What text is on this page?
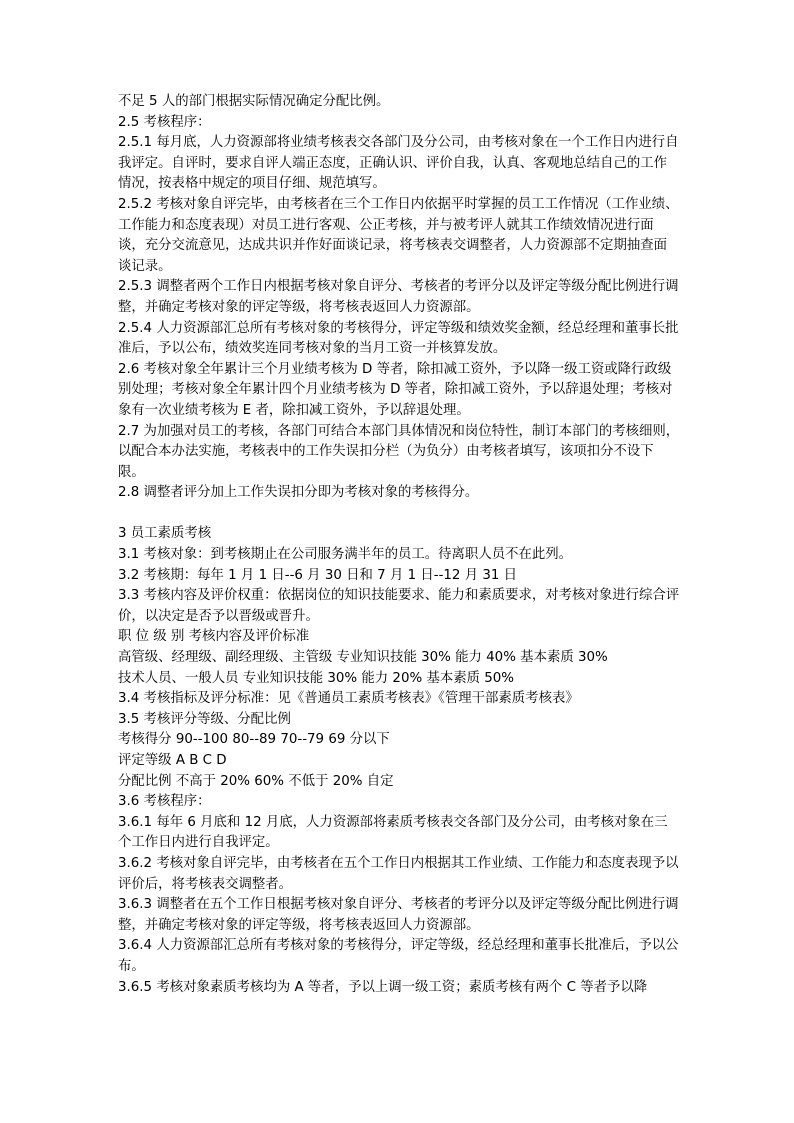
不足 5 人的部门根据实际情况确定分配比例。

2.5 考核程序：

2.5.1 每月底，人力资源部将业绩考核表交各部门及分公司，由考核对象在一个工作日内进行自我评定。自评时，要求自评人端正态度，正确认识、评价自我，认真、客观地总结自己的工作情况，按表格中规定的项目仔细、规范填写。

2.5.2 考核对象自评完毕，由考核者在三个工作日内依据平时掌握的员工工作情况（工作业绩、工作能力和态度表现）对员工进行客观、公正考核，并与被考评人就其工作绩效情况进行面谈，充分交流意见，达成共识并作好面谈记录，将考核表交调整者，人力资源部不定期抽查面谈记录。

2.5.3 调整者两个工作日内根据考核对象自评分、考核者的考评分以及评定等级分配比例进行调整，并确定考核对象的评定等级，将考核表返回人力资源部。

2.5.4 人力资源部汇总所有考核对象的考核得分，评定等级和绩效奖金额，经总经理和董事长批准后，予以公布，绩效奖连同考核对象的当月工资一并核算发放。

2.6 考核对象全年累计三个月业绩考核为 D 等者，除扣减工资外，予以降一级工资或降行政级别处理；考核对象全年累计四个月业绩考核为 D 等者，除扣减工资外，予以辞退处理；考核对象有一次业绩考核为 E 者，除扣减工资外，予以辞退处理。

2.7 为加强对员工的考核，各部门可结合本部门具体情况和岗位特性，制订本部门的考核细则，以配合本办法实施，考核表中的工作失误扣分栏（为负分）由考核者填写，该项扣分不设下限。

2.8 调整者评分加上工作失误扣分即为考核对象的考核得分。

3 员工素质考核

3.1 考核对象：到考核期止在公司服务满半年的员工。待离职人员不在此列。

3.2 考核期：每年 1 月 1 日--6 月 30 日和 7 月 1 日--12 月 31 日

3.3 考核内容及评价权重：依据岗位的知识技能要求、能力和素质要求，对考核对象进行综合评价，以决定是否予以晋级或晋升。

职 位 级 别 考核内容及评价标准

高管级、经理级、副经理级、主管级 专业知识技能 30% 能力 40% 基本素质 30%

技术人员、一般人员 专业知识技能 30% 能力 20% 基本素质 50%

3.4 考核指标及评分标准：见《普通员工素质考核表》《管理干部素质考核表》

3.5 考核评分等级、分配比例

考核得分 90--100 80--89 70--79 69 分以下

评定等级 A B C D

分配比例 不高于 20% 60% 不低于 20% 自定

3.6 考核程序：

3.6.1 每年 6 月底和 12 月底，人力资源部将素质考核表交各部门及分公司，由考核对象在三个工作日内进行自我评定。

3.6.2 考核对象自评完毕，由考核者在五个工作日内根据其工作业绩、工作能力和态度表现予以评价后，将考核表交调整者。

3.6.3 调整者在五个工作日根据考核对象自评分、考核者的考评分以及评定等级分配比例进行调整，并确定考核对象的评定等级，将考核表返回人力资源部。

3.6.4 人力资源部汇总所有考核对象的考核得分，评定等级，经总经理和董事长批准后，予以公布。

3.6.5 考核对象素质考核均为 A 等者，予以上调一级工资；素质考核有两个 C 等者予以降
